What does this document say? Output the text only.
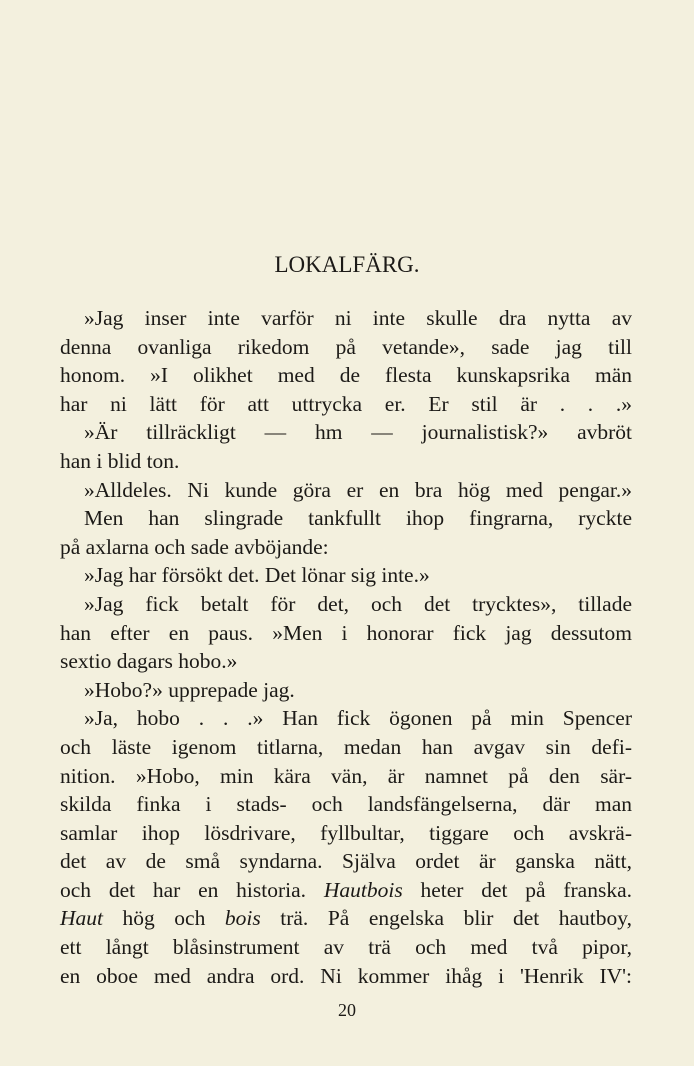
LOKALFÄRG.
»Jag inser inte varför ni inte skulle dra nytta av
denna ovanliga rikedom på vetande», sade jag till
honom. »I olikhet med de flesta kunskapsrika män
har ni lätt för att uttrycka er. Er stil är . . .»
»Är tillräckligt — hm — journalistisk?» avbröt
han i blid ton.
»Alldeles. Ni kunde göra er en bra hög med pengar.»
Men han slingrade tankfullt ihop fingrarna, ryckte
på axlarna och sade avböjande:
»Jag har försökt det. Det lönar sig inte.»
»Jag fick betalt för det, och det trycktes», tillade
han efter en paus. »Men i honorar fick jag dessutom
sextio dagars hobo.»
»Hobo?» upprepade jag.
»Ja, hobo . . .» Han fick ögonen på min Spencer
och läste igenom titlarna, medan han avgav sin defi-
nition. »Hobo, min kära vän, är namnet på den sär-
skilda finka i stads- och landsfängelserna, där man
samlar ihop lösdrivare, fyllbultar, tiggare och avskrä-
det av de små syndarna. Själva ordet är ganska nätt,
och det har en historia. Hautbois heter det på franska.
Haut hög och bois trä. På engelska blir det hautboy,
ett långt blåsinstrument av trä och med två pipor,
en oboe med andra ord. Ni kommer ihåg i 'Henrik IV':
20
